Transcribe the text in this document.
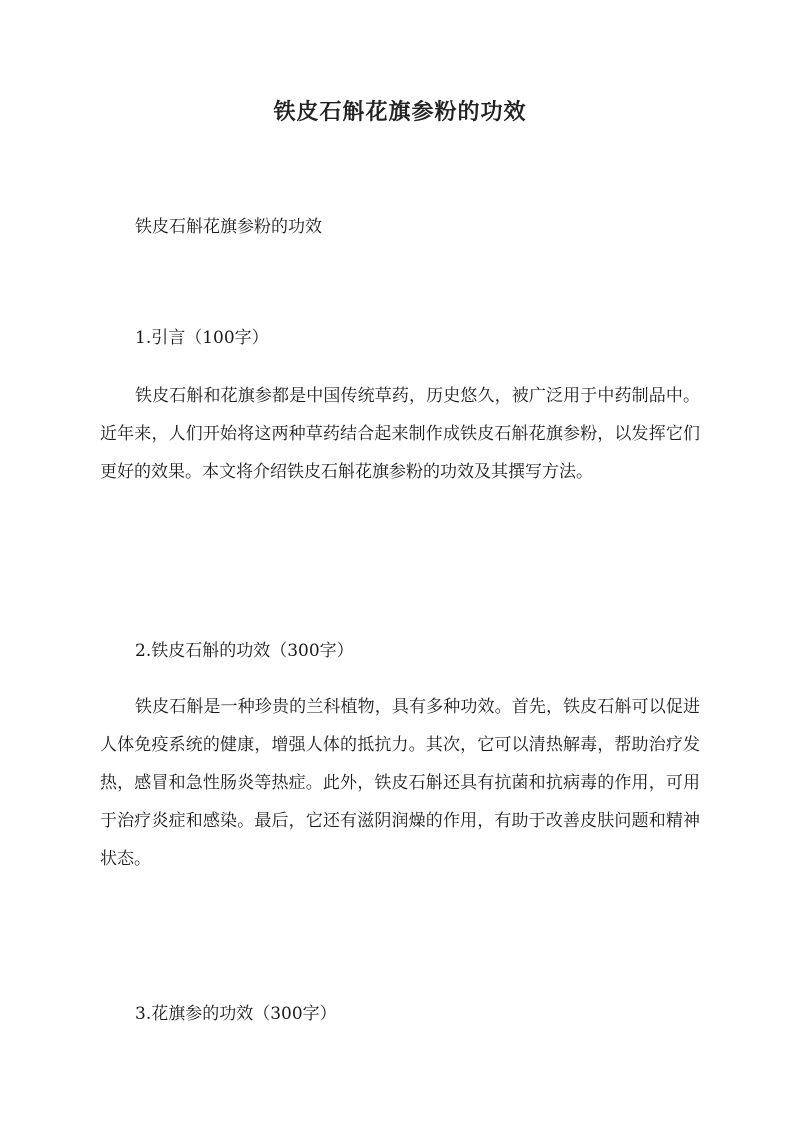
铁皮石斛花旗参粉的功效

铁皮石斛花旗参粉的功效

1.引言（100字）

铁皮石斛和花旗参都是中国传统草药，历史悠久，被广泛用于中药制品中。近年来，人们开始将这两种草药结合起来制作成铁皮石斛花旗参粉，以发挥它们更好的效果。本文将介绍铁皮石斛花旗参粉的功效及其撰写方法。

2.铁皮石斛的功效（300字）

铁皮石斛是一种珍贵的兰科植物，具有多种功效。首先，铁皮石斛可以促进人体免疫系统的健康，增强人体的抵抗力。其次，它可以清热解毒，帮助治疗发热，感冒和急性肠炎等热症。此外，铁皮石斛还具有抗菌和抗病毒的作用，可用于治疗炎症和感染。最后，它还有滋阴润燥的作用，有助于改善皮肤问题和精神状态。

3.花旗参的功效（300字）
